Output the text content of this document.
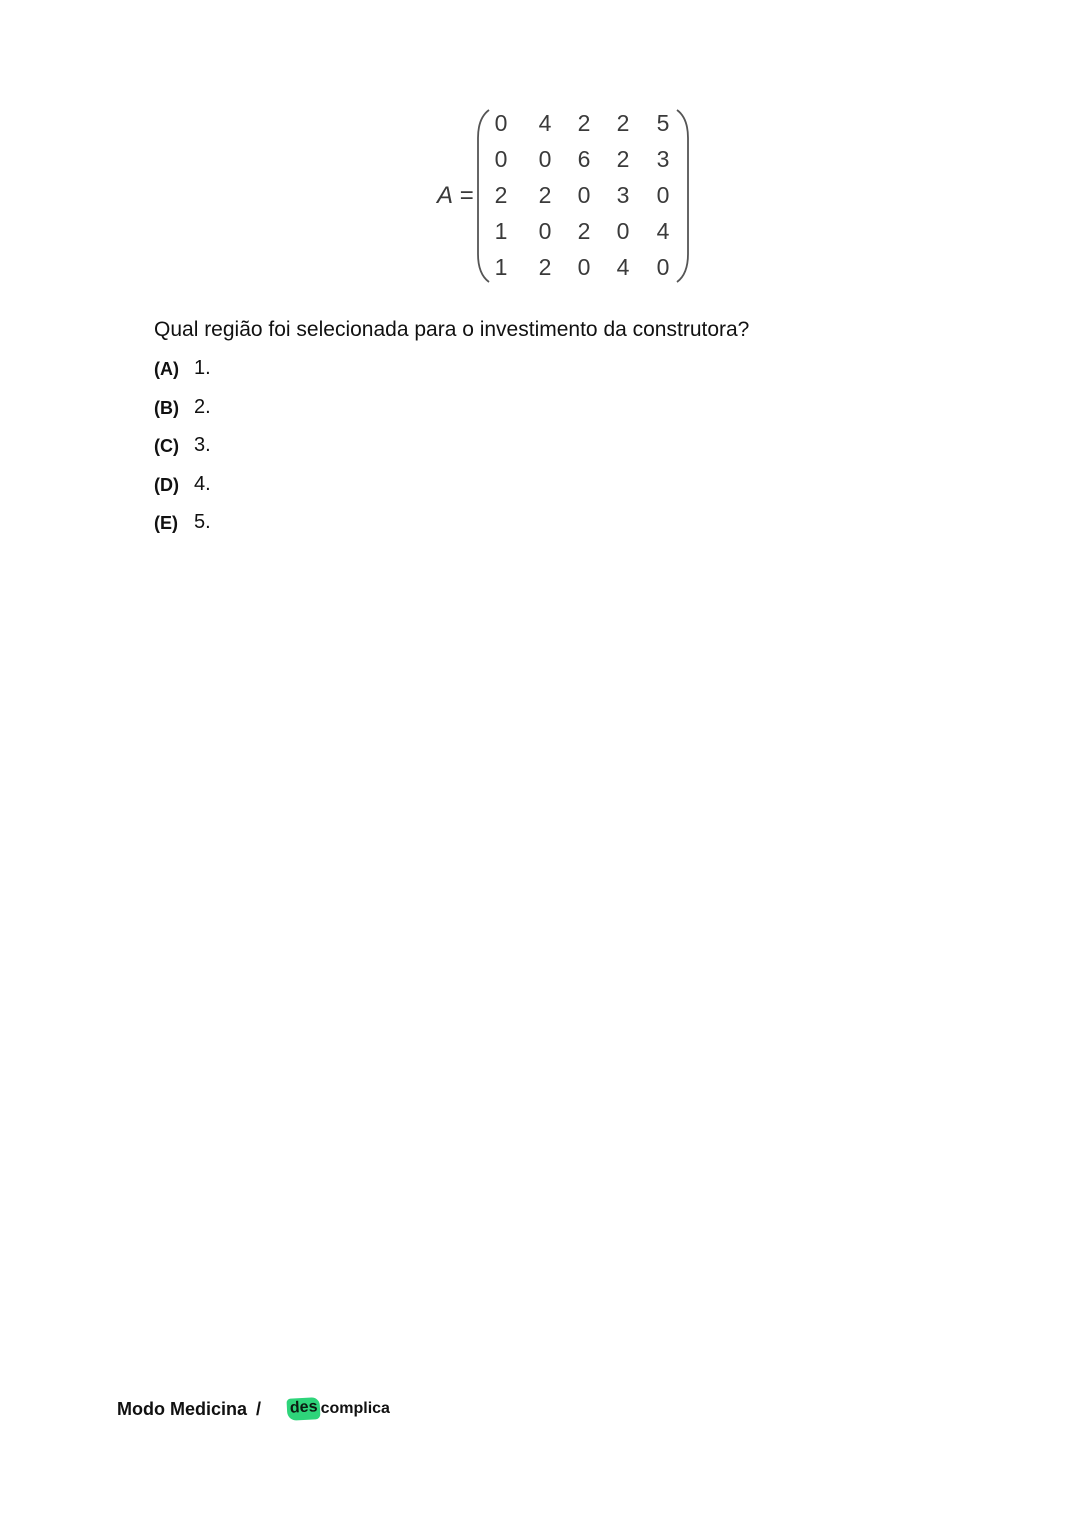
A =
0 4 2 2 5
0 0 6 2 3
2 2 0 3 0
1 0 2 0 4
1 2 0 4 0
Qual região foi selecionada para o investimento da construtora?
(A) 1.
(B) 2.
(C) 3.
(D) 4.
(E) 5.
Modo Medicina / des complica
